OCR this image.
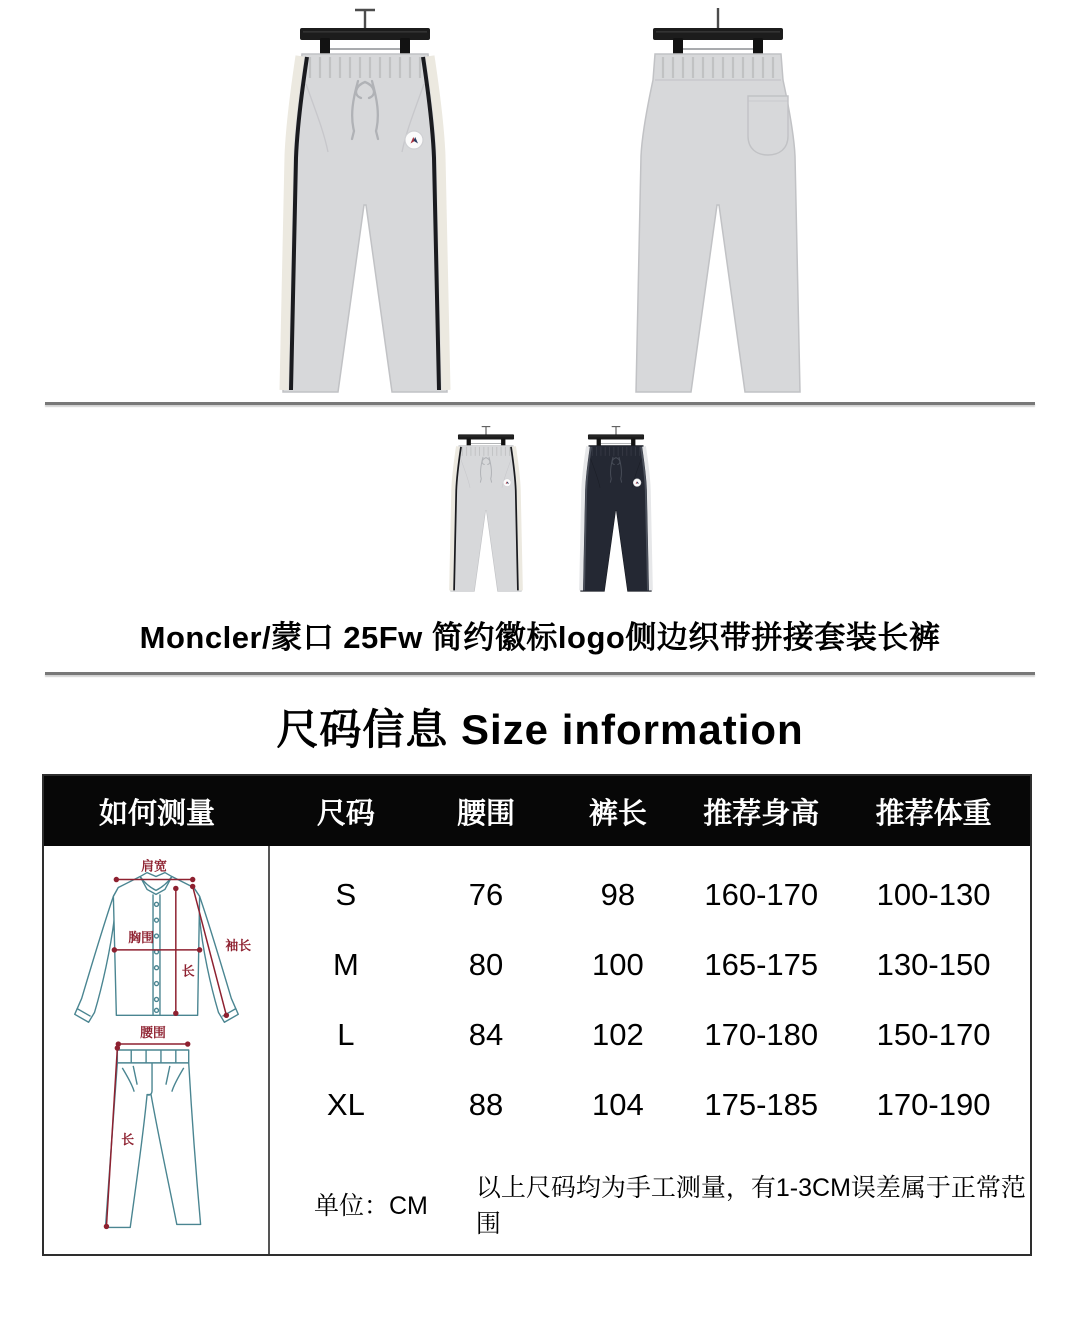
Moncler/蒙口 25Fw 简约徽标logo侧边织带拼接套装长裤
尺码信息 Size information
如何测量	尺码	腰围	裤长	推荐身高	推荐体重
肩宽
胸围
袖长
长
腰围
长
S	76	98	160-170	100-130
M	80	100	165-175	130-150
L	84	102	170-180	150-170
XL	88	104	175-185	170-190
单位：CM
以上尺码均为手工测量，有1-3CM误差属于正常范围
